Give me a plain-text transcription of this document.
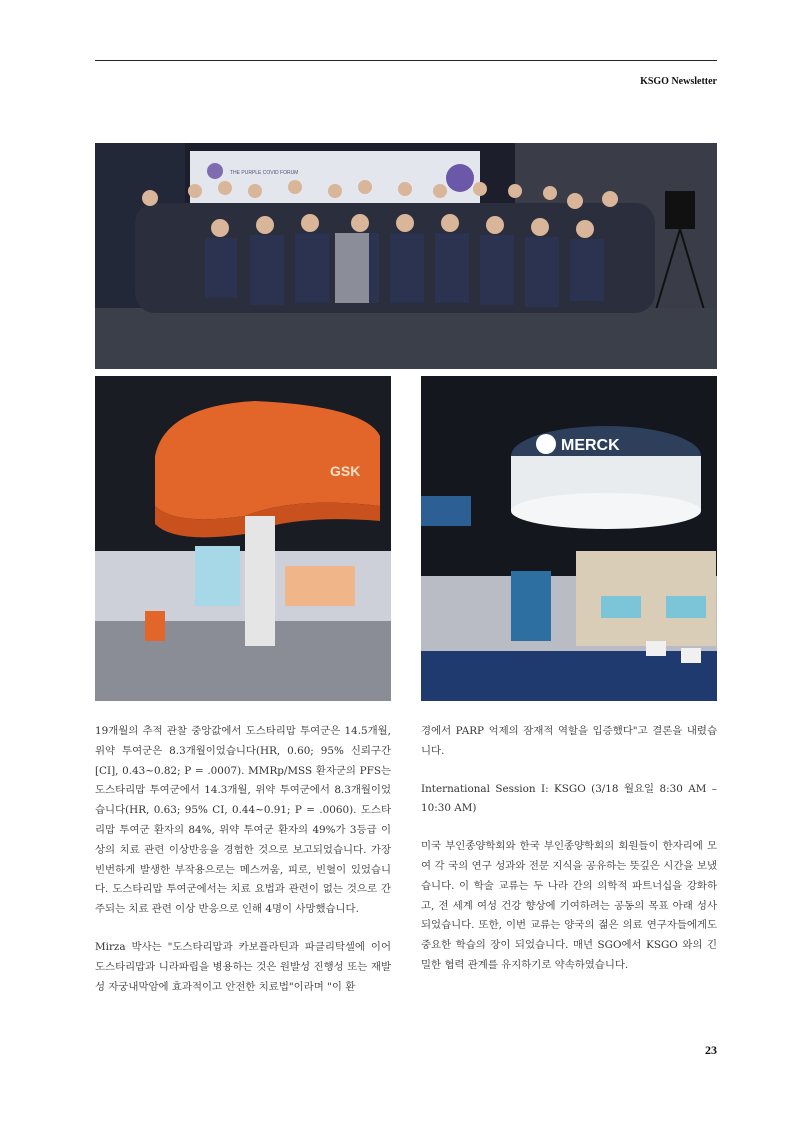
KSGO Newsletter
THE PURPLE COVID FORUM
GSK
MERCK

19개월의 추적 관찰 중앙값에서 도스타리맙 투여군은 14.5개월, 위약 투여군은 8.3개월이었습니다(HR, 0.60; 95% 신뢰구간[CI], 0.43~0.82; P = .0007). MMRp/MSS 환자군의 PFS는 도스타리맙 투여군에서 14.3개월, 위약 투여군에서 8.3개월이었습니다(HR, 0.63; 95% CI, 0.44~0.91; P = .0060). 도스타리맙 투여군 환자의 84%, 위약 투여군 환자의 49%가 3등급 이상의 치료 관련 이상반응을 경험한 것으로 보고되었습니다. 가장 빈번하게 발생한 부작용으로는 메스꺼움, 피로, 빈혈이 있었습니다. 도스타리맙 투여군에서는 치료 요법과 관련이 없는 것으로 간주되는 치료 관련 이상 반응으로 인해 4명이 사망했습니다.

Mirza 박사는 "도스타리맙과 카보플라틴과 파클리탁셀에 이어 도스타리맙과 니라파립을 병용하는 것은 원발성 진행성 또는 재발성 자궁내막암에 효과적이고 안전한 치료법"이라며 "이 환

경에서 PARP 억제의 잠재적 역할을 입증했다"고 결론을 내렸습니다.

International Session I: KSGO (3/18 월요일 8:30 AM – 10:30 AM)

미국 부인종양학회와 한국 부인종양학회의 회원들이 한자리에 모여 각 국의 연구 성과와 전문 지식을 공유하는 뜻깊은 시간을 보냈습니다. 이 학술 교류는 두 나라 간의 의학적 파트너십을 강화하고, 전 세계 여성 건강 향상에 기여하려는 공동의 목표 아래 성사되었습니다. 또한, 이번 교류는 양국의 젊은 의료 연구자들에게도 중요한 학습의 장이 되었습니다. 매년 SGO에서 KSGO 와의 긴밀한 협력 관계를 유지하기로 약속하였습니다.

23
